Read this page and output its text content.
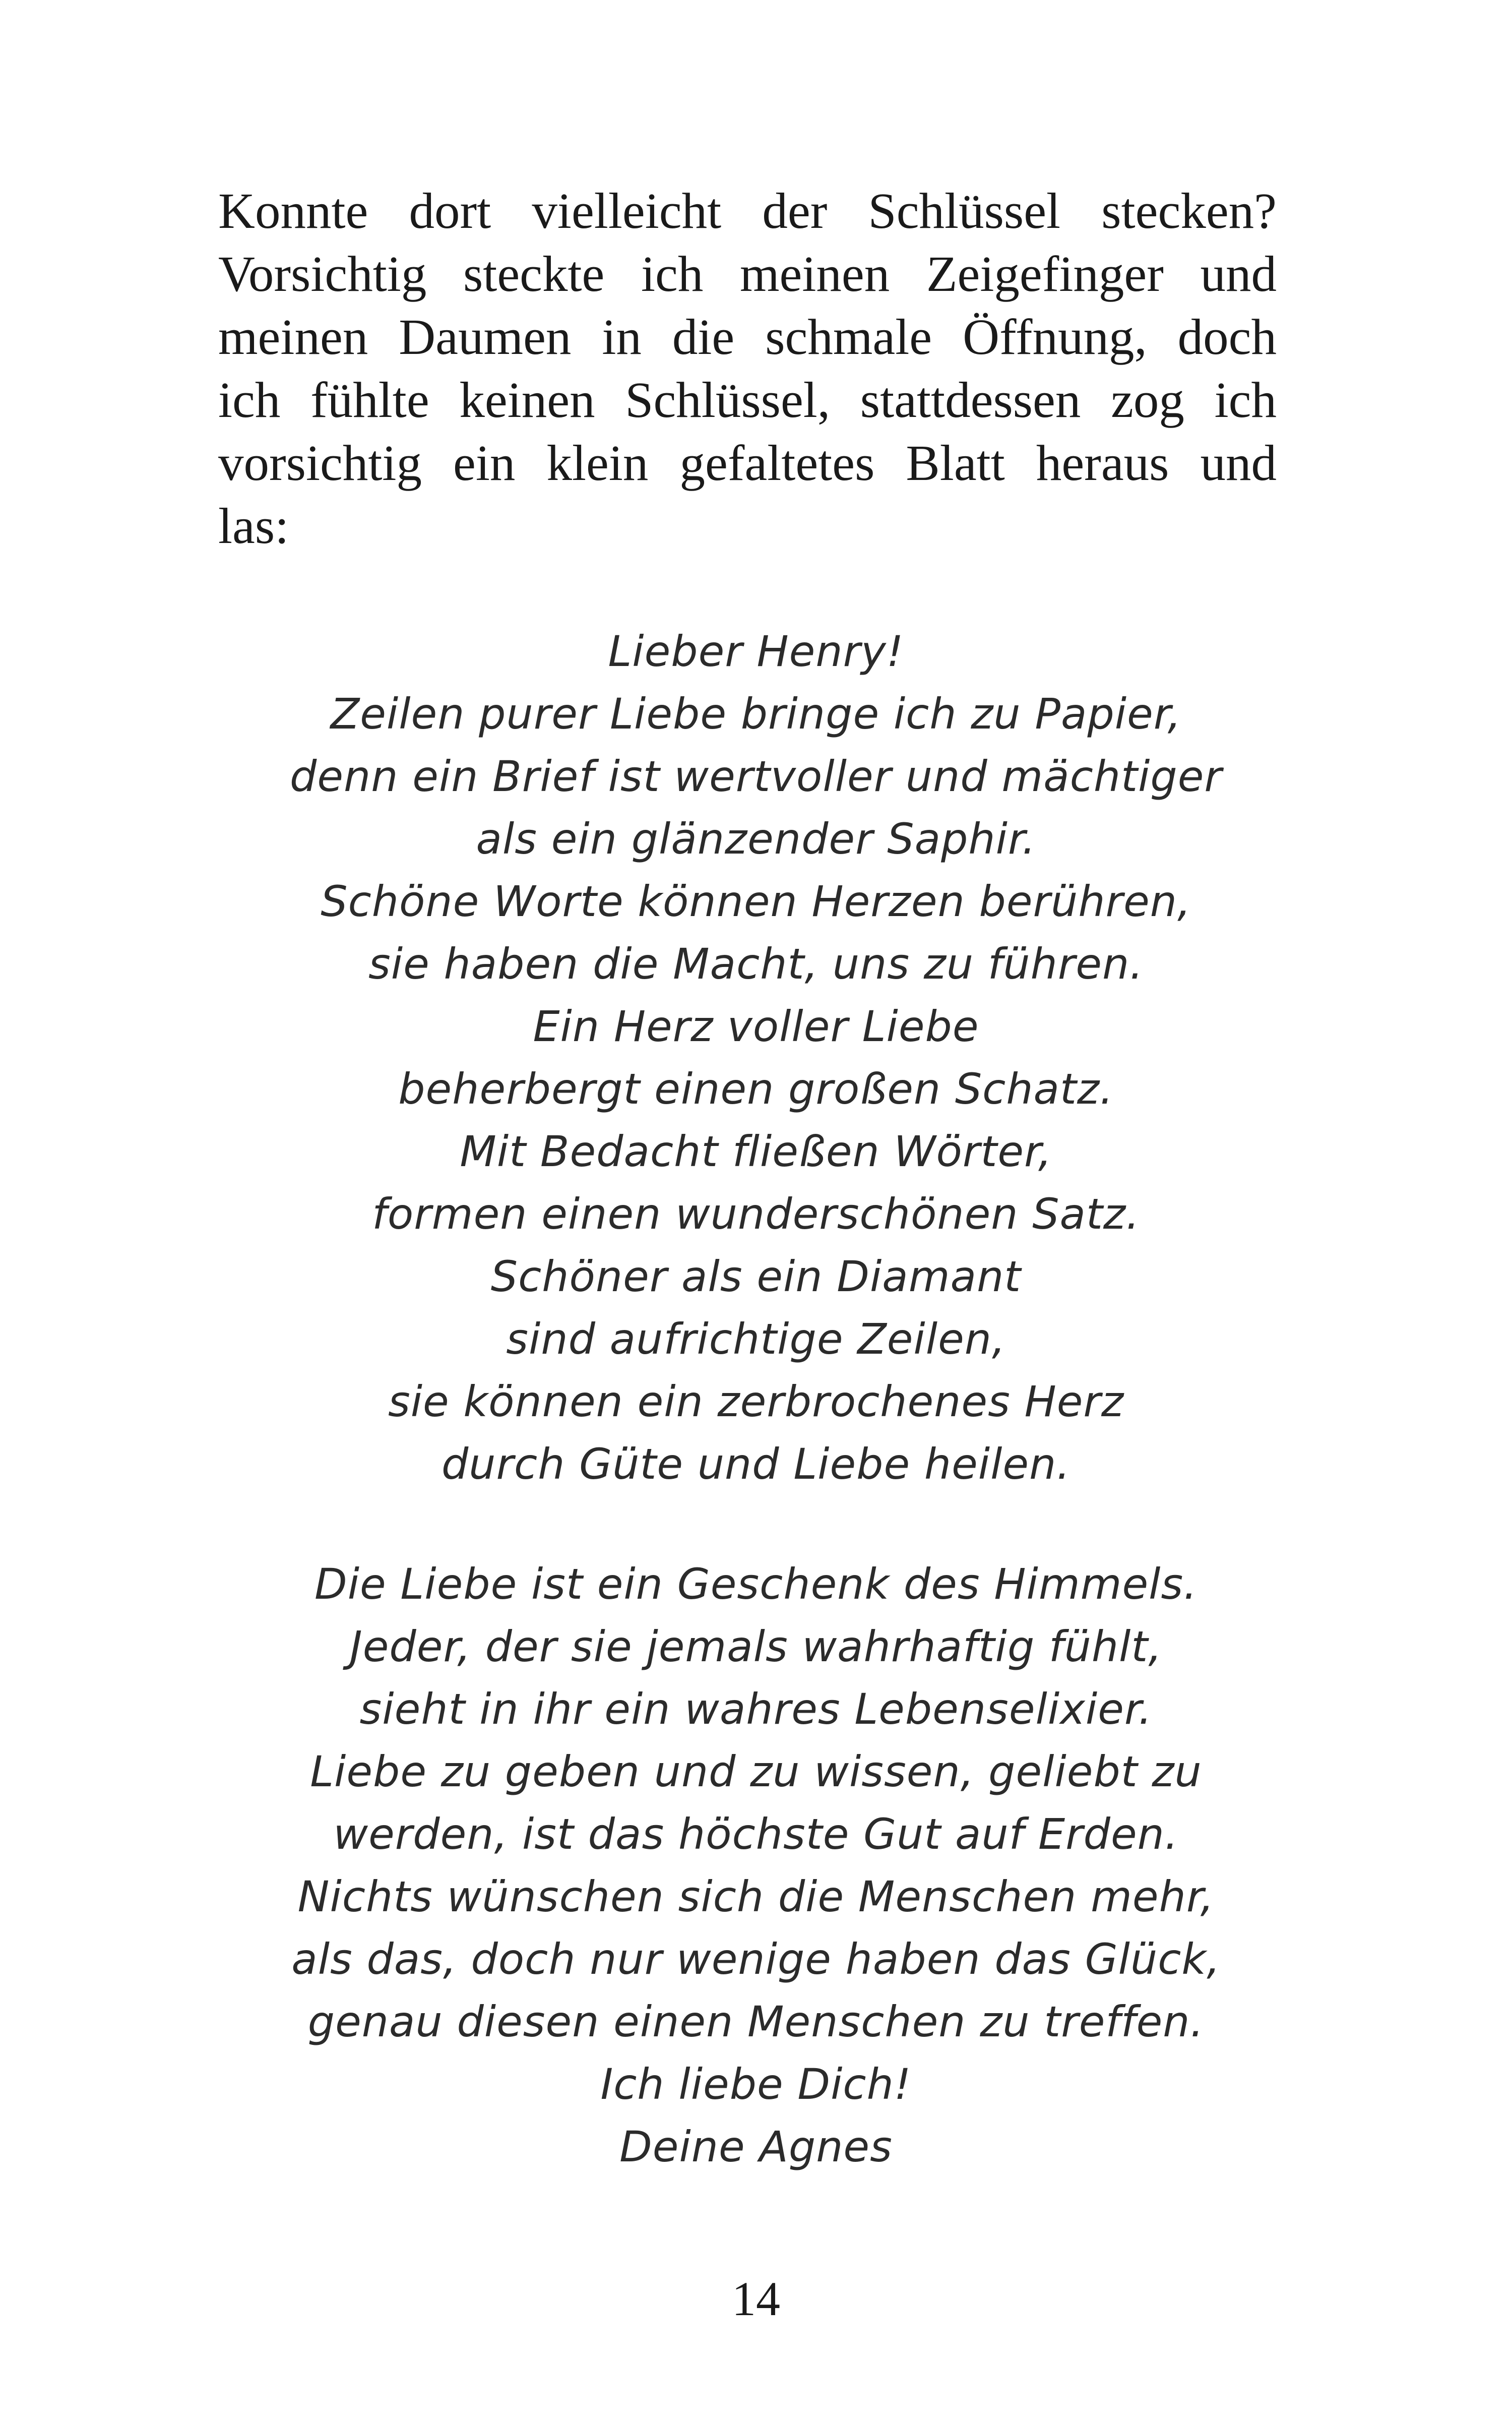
Konnte dort vielleicht der Schlüssel stecken?
Vorsichtig steckte ich meinen Zeigefinger und
meinen Daumen in die schmale Öffnung, doch
ich fühlte keinen Schlüssel, stattdessen zog ich
vorsichtig ein klein gefaltetes Blatt heraus und
las:
Lieber Henry!
Zeilen purer Liebe bringe ich zu Papier,
denn ein Brief ist wertvoller und mächtiger
als ein glänzender Saphir.
Schöne Worte können Herzen berühren,
sie haben die Macht, uns zu führen.
Ein Herz voller Liebe
beherbergt einen großen Schatz.
Mit Bedacht fließen Wörter,
formen einen wunderschönen Satz.
Schöner als ein Diamant
sind aufrichtige Zeilen,
sie können ein zerbrochenes Herz
durch Güte und Liebe heilen.
Die Liebe ist ein Geschenk des Himmels.
Jeder, der sie jemals wahrhaftig fühlt,
sieht in ihr ein wahres Lebenselixier.
Liebe zu geben und zu wissen, geliebt zu
werden, ist das höchste Gut auf Erden.
Nichts wünschen sich die Menschen mehr,
als das, doch nur wenige haben das Glück,
genau diesen einen Menschen zu treffen.
Ich liebe Dich!
Deine Agnes
14
